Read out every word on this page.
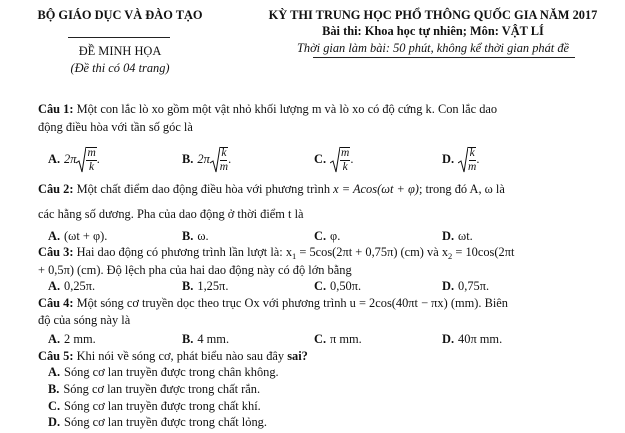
BỘ GIÁO DỤC VÀ ĐÀO TẠO
ĐỀ MINH HỌA
(Đề thi có 04 trang)
KỲ THI TRUNG HỌC PHỔ THÔNG QUỐC GIA NĂM 2017
Bài thi: Khoa học tự nhiên; Môn: VẬT LÍ
Thời gian làm bài: 50 phút, không kể thời gian phát đề
Câu 1: Một con lắc lò xo gồm một vật nhỏ khối lượng m và lò xo có độ cứng k. Con lắc dao
động điều hòa với tần số góc là
A. $2\pi \frac{m}{k}$ .	B. $2\pi \frac{k}{m}$ .	C. $\frac{m}{k}$ .	D. $\frac{k}{m}$ .
Câu 2: Một chất điểm dao động điều hòa với phương trình x = Acos(ωt + φ); trong đó A, ω là
các hằng số dương. Pha của dao động ở thời điểm t là
A. (ωt + φ).	B. ω.	C. φ.	D. ωt.
Câu 3: Hai dao động có phương trình lần lượt là: $x_1 = 5\cos(2\pi t + 0,75\pi)$ (cm) và $x_2 = 10\cos(2\pi t$
+ 0,5π) (cm). Độ lệch pha của hai dao động này có độ lớn bằng
A. 0,25π.	B. 1,25π.	C. 0,50π.	D. 0,75π.
Câu 4: Một sóng cơ truyền dọc theo trục Ox với phương trình u = 2cos(40πt − πx) (mm). Biên
độ của sóng này là
A. 2 mm.	B. 4 mm.	C. π mm.	D. 40π mm.
Câu 5: Khi nói về sóng cơ, phát biểu nào sau đây sai?
A. Sóng cơ lan truyền được trong chân không.
B. Sóng cơ lan truyền được trong chất rắn.
C. Sóng cơ lan truyền được trong chất khí.
D. Sóng cơ lan truyền được trong chất lỏng.
